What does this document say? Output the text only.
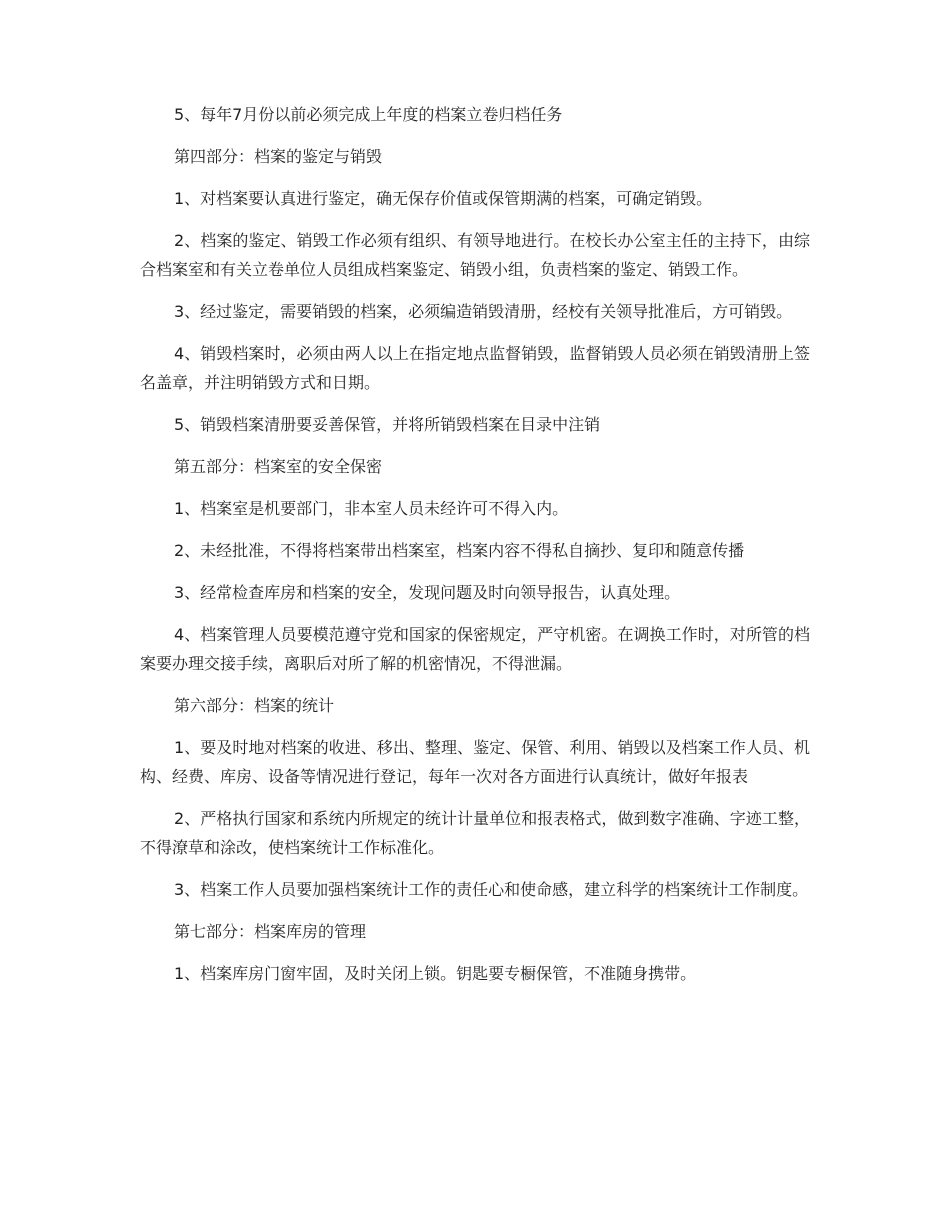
5、每年7月份以前必须完成上年度的档案立卷归档任务

第四部分：档案的鉴定与销毁

1、对档案要认真进行鉴定，确无保存价值或保管期满的档案，可确定销毁。

2、档案的鉴定、销毁工作必须有组织、有领导地进行。在校长办公室主任的主持下，由综合档案室和有关立卷单位人员组成档案鉴定、销毁小组，负责档案的鉴定、销毁工作。

3、经过鉴定，需要销毁的档案，必须编造销毁清册，经校有关领导批准后，方可销毁。

4、销毁档案时，必须由两人以上在指定地点监督销毁，监督销毁人员必须在销毁清册上签名盖章，并注明销毁方式和日期。

5、销毁档案清册要妥善保管，并将所销毁档案在目录中注销

第五部分：档案室的安全保密

1、档案室是机要部门，非本室人员未经许可不得入内。

2、未经批准，不得将档案带出档案室，档案内容不得私自摘抄、复印和随意传播

3、经常检查库房和档案的安全，发现问题及时向领导报告，认真处理。

4、档案管理人员要模范遵守党和国家的保密规定，严守机密。在调换工作时，对所管的档案要办理交接手续，离职后对所了解的机密情况，不得泄漏。

第六部分：档案的统计

1、要及时地对档案的收进、移出、整理、鉴定、保管、利用、销毁以及档案工作人员、机构、经费、库房、设备等情况进行登记，每年一次对各方面进行认真统计，做好年报表

2、严格执行国家和系统内所规定的统计计量单位和报表格式，做到数字准确、字迹工整，不得潦草和涂改，使档案统计工作标准化。

3、档案工作人员要加强档案统计工作的责任心和使命感，建立科学的档案统计工作制度。

第七部分：档案库房的管理

1、档案库房门窗牢固，及时关闭上锁。钥匙要专橱保管，不准随身携带。
